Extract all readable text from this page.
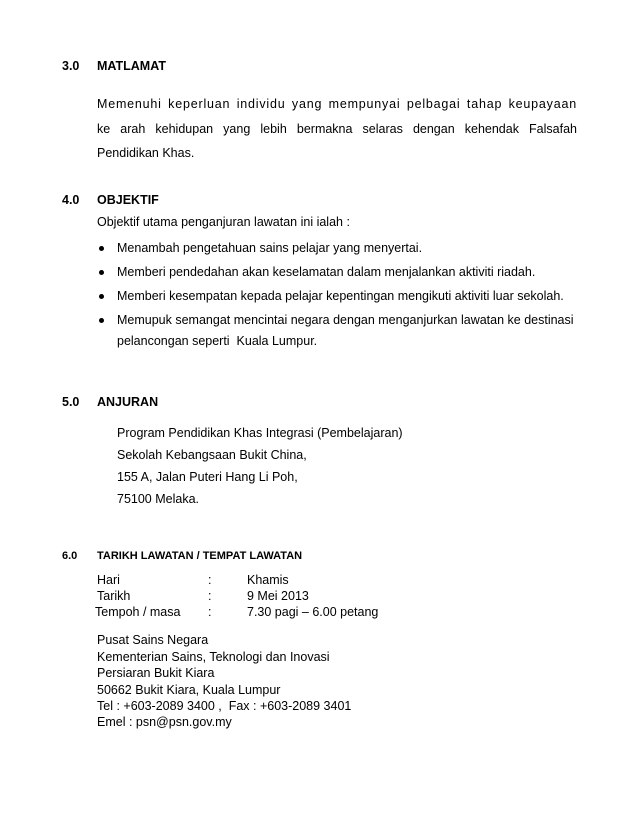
3.0 MATLAMAT
Memenuhi keperluan individu yang mempunyai pelbagai tahap keupayaan
ke arah kehidupan yang lebih bermakna selaras dengan kehendak Falsafah
Pendidikan Khas.
4.0 OBJEKTIF
Objektif utama penganjuran lawatan ini ialah :
Menambah pengetahuan sains pelajar yang menyertai.
Memberi pendedahan akan keselamatan dalam menjalankan aktiviti riadah.
Memberi kesempatan kepada pelajar kepentingan mengikuti aktiviti luar sekolah.
Memupuk semangat mencintai negara dengan menganjurkan lawatan ke destinasi
pelancongan seperti  Kuala Lumpur.
5.0 ANJURAN
Program Pendidikan Khas Integrasi (Pembelajaran)
Sekolah Kebangsaan Bukit China,
155 A, Jalan Puteri Hang Li Poh,
75100 Melaka.
6.0 TARIKH LAWATAN / TEMPAT LAWATAN
Hari	:	Khamis
Tarikh	:	9 Mei 2013
Tempoh / masa :	7.30 pagi – 6.00 petang
Pusat Sains Negara
Kementerian Sains, Teknologi dan Inovasi
Persiaran Bukit Kiara
50662 Bukit Kiara, Kuala Lumpur
Tel : +603-2089 3400 ,  Fax : +603-2089 3401
Emel : psn@psn.gov.my
